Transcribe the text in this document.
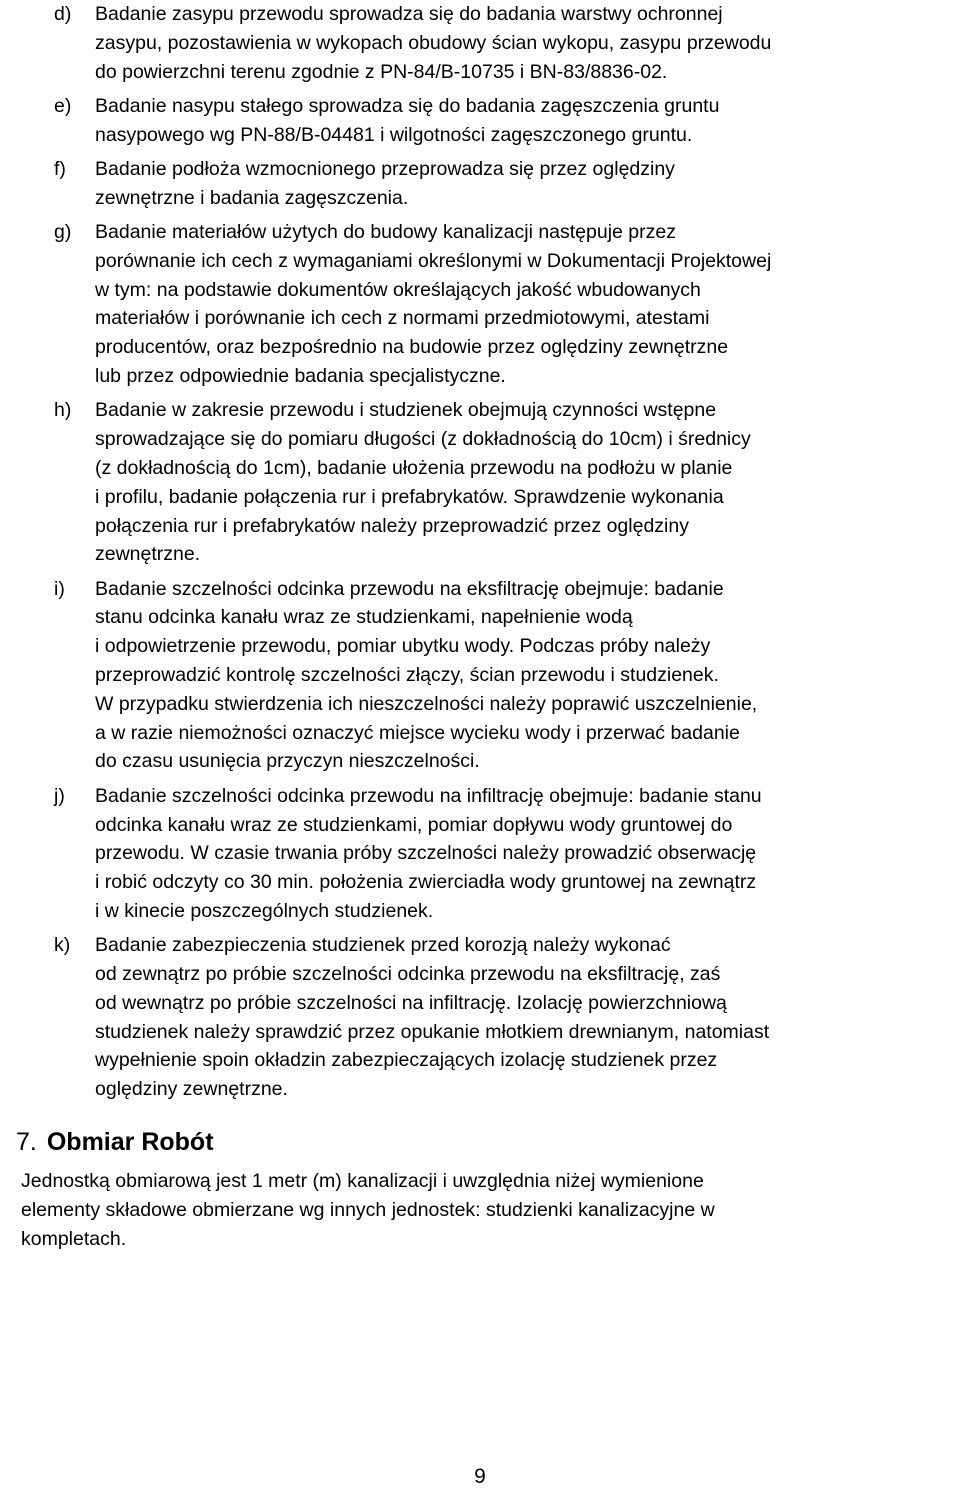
d) Badanie zasypu przewodu sprowadza się do badania warstwy ochronnej
zasypu, pozostawienia w wykopach obudowy ścian wykopu, zasypu przewodu
do powierzchni terenu zgodnie z PN-84/B-10735 i BN-83/8836-02.
e) Badanie nasypu stałego sprowadza się do badania zagęszczenia gruntu
nasypowego wg PN-88/B-04481 i wilgotności zagęszczonego gruntu.
f) Badanie podłoża wzmocnionego przeprowadza się przez oględziny
zewnętrzne i badania zagęszczenia.
g) Badanie materiałów użytych do budowy kanalizacji następuje przez
porównanie ich cech z wymaganiami określonymi w Dokumentacji Projektowej
w tym: na podstawie dokumentów określających jakość wbudowanych
materiałów i porównanie ich cech z normami przedmiotowymi, atestami
producentów, oraz bezpośrednio na budowie przez oględziny zewnętrzne
lub przez odpowiednie badania specjalistyczne.
h) Badanie w zakresie przewodu i studzienek obejmują czynności wstępne
sprowadzające się do pomiaru długości (z dokładnością do 10cm) i średnicy
(z dokładnością do 1cm), badanie ułożenia przewodu na podłożu w planie
i profilu, badanie połączenia rur i prefabrykatów. Sprawdzenie wykonania
połączenia rur i prefabrykatów należy przeprowadzić przez oględziny
zewnętrzne.
i) Badanie szczelności odcinka przewodu na eksfiltrację obejmuje: badanie
stanu odcinka kanału wraz ze studzienkami, napełnienie wodą
i odpowietrzenie przewodu, pomiar ubytku wody. Podczas próby należy
przeprowadzić kontrolę szczelności złączy, ścian przewodu i studzienek.
W przypadku stwierdzenia ich nieszczelności należy poprawić uszczelnienie,
a w razie niemożności oznaczyć miejsce wycieku wody i przerwać badanie
do czasu usunięcia przyczyn nieszczelności.
j) Badanie szczelności odcinka przewodu na infiltrację obejmuje: badanie stanu
odcinka kanału wraz ze studzienkami, pomiar dopływu wody gruntowej do
przewodu. W czasie trwania próby szczelności należy prowadzić obserwację
i robić odczyty co 30 min. położenia zwierciadła wody gruntowej na zewnątrz
i w kinecie poszczególnych studzienek.
k) Badanie zabezpieczenia studzienek przed korozją należy wykonać
od zewnątrz po próbie szczelności odcinka przewodu na eksfiltrację, zaś
od wewnątrz po próbie szczelności na infiltrację. Izolację powierzchniową
studzienek należy sprawdzić przez opukanie młotkiem drewnianym, natomiast
wypełnienie spoin okładzin zabezpieczających izolację studzienek przez
oględziny zewnętrzne.
7. Obmiar Robót

Jednostką obmiarową jest 1 metr (m) kanalizacji i uwzględnia niżej wymienione
elementy składowe obmierzane wg innych jednostek: studzienki kanalizacyjne w
kompletach.

9
